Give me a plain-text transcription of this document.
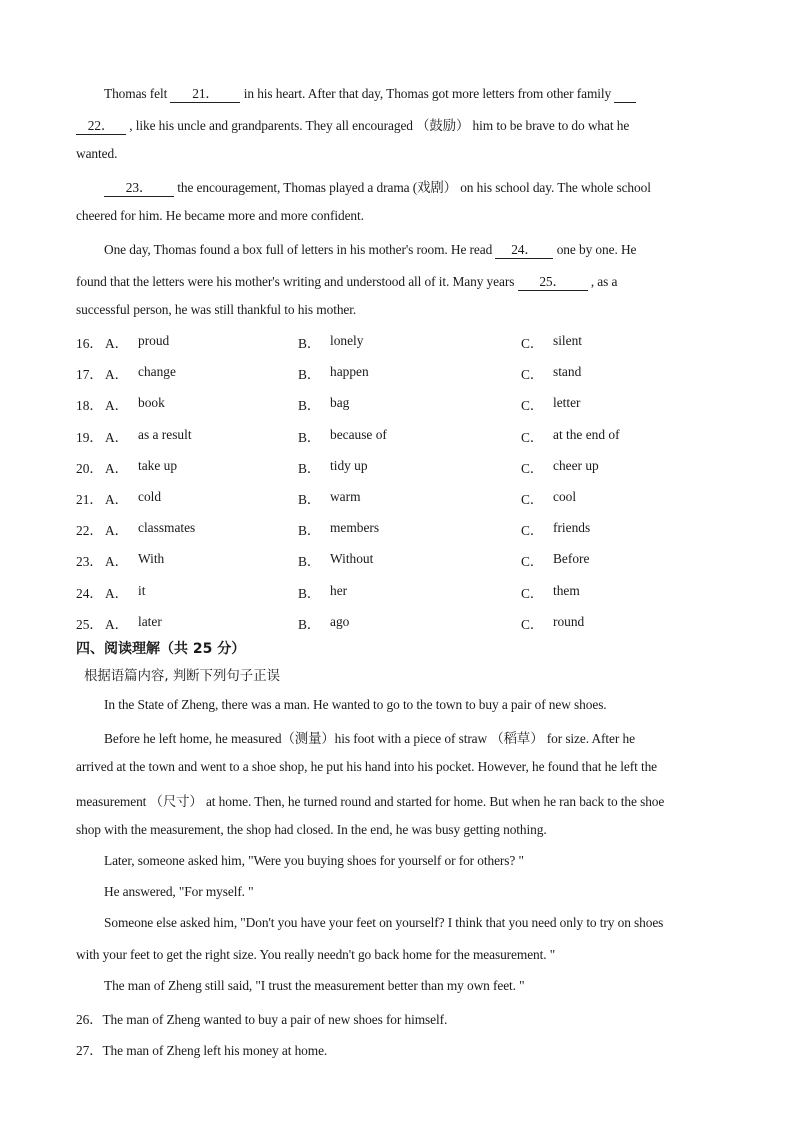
Thomas felt 21． in his heart. After that day, Thomas got more letters from other family
22． , like his uncle and grandparents. They all encouraged （鼓励） him to be brave to do what he
wanted.
23． the encouragement, Thomas played a drama (戏剧） on his school day. The whole school
cheered for him. He became more and more confident.
One day, Thomas found a box full of letters in his mother's room. He read 24． one by one. He
found that the letters were his mother's writing and understood all of it. Many years 25． , as a
successful person, he was still thankful to his mother.
16． A． proud	B． lonely	C． silent
17． A． change	B． happen	C． stand
18． A． book	B． bag	C． letter
19． A． as a result	B． because of	C． at the end of
20． A． take up	B． tidy up	C． cheer up
21． A． cold	B． warm	C． cool
22． A． classmates	B． members	C． friends
23． A． With	B． Without	C． Before
24． A． it	B． her	C． them
25． A． later	B． ago	C． round
四、阅读理解（共 25 分）
根据语篇内容, 判断下列句子正误
In the State of Zheng, there was a man. He wanted to go to the town to buy a pair of new shoes.
Before he left home, he measured（测量）his foot with a piece of straw （稻草） for size. After he
arrived at the town and went to a shoe shop, he put his hand into his pocket. However, he found that he left the
measurement （尺寸） at home. Then, he turned round and started for home. But when he ran back to the shoe
shop with the measurement, the shop had closed. In the end, he was busy getting nothing.
Later, someone asked him, "Were you buying shoes for yourself or for others? "
He answered, "For myself. "
Someone else asked him, "Don't you have your feet on yourself? I think that you need only to try on shoes
with your feet to get the right size. You really needn't go back home for the measurement. "
The man of Zheng still said, "I trust the measurement better than my own feet. "
26．The man of Zheng wanted to buy a pair of new shoes for himself.
27．The man of Zheng left his money at home.
